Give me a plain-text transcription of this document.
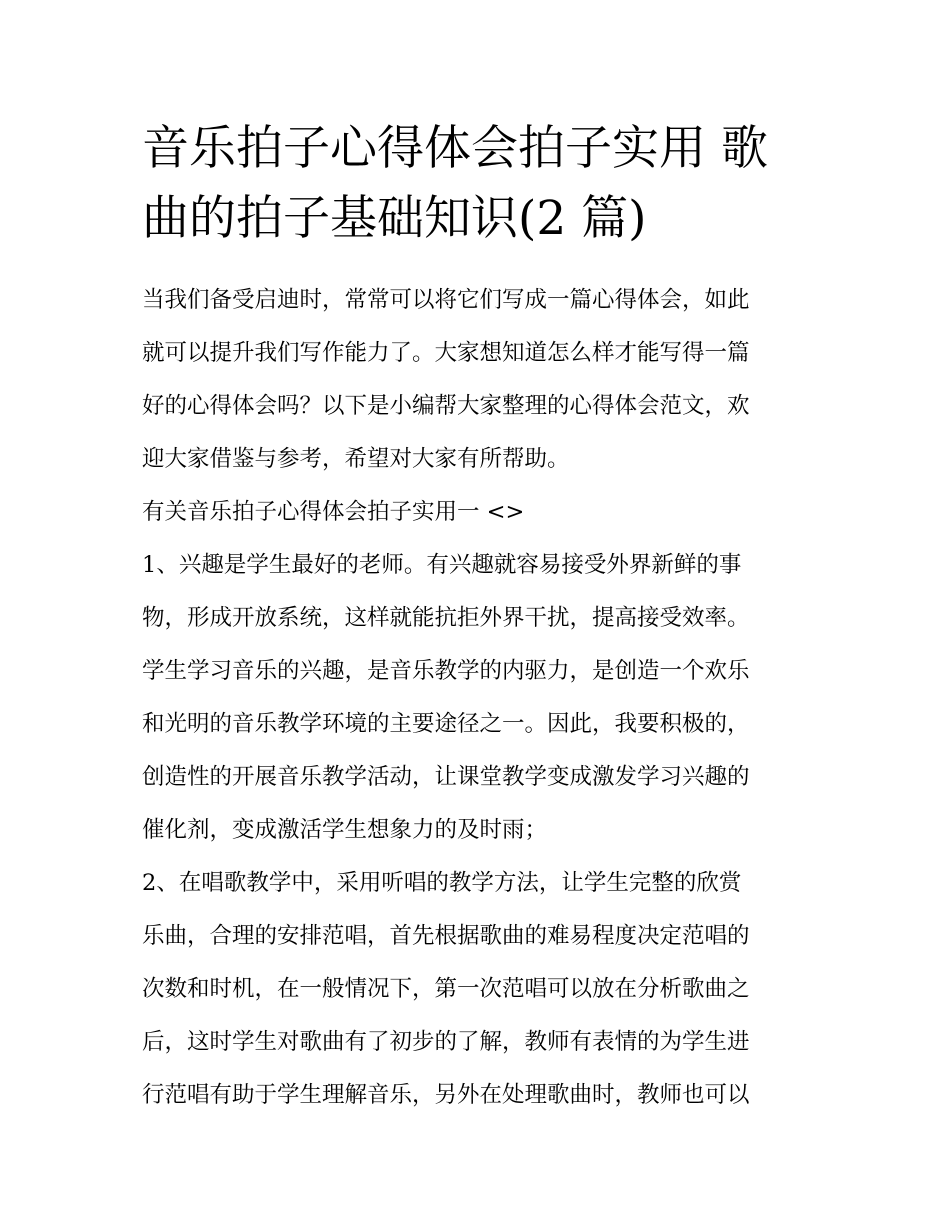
音乐拍子心得体会拍子实用 歌
曲的拍子基础知识(2 篇)

当我们备受启迪时，常常可以将它们写成一篇心得体会，如此
就可以提升我们写作能力了。大家想知道怎么样才能写得一篇
好的心得体会吗？以下是小编帮大家整理的心得体会范文，欢
迎大家借鉴与参考，希望对大家有所帮助。

有关音乐拍子心得体会拍子实用一 <>

1、兴趣是学生最好的老师。有兴趣就容易接受外界新鲜的事
物，形成开放系统，这样就能抗拒外界干扰，提高接受效率。
学生学习音乐的兴趣，是音乐教学的内驱力，是创造一个欢乐
和光明的音乐教学环境的主要途径之一。因此，我要积极的，
创造性的开展音乐教学活动，让课堂教学变成激发学习兴趣的
催化剂，变成激活学生想象力的及时雨；

2、在唱歌教学中，采用听唱的教学方法，让学生完整的欣赏
乐曲，合理的安排范唱，首先根据歌曲的难易程度决定范唱的
次数和时机，在一般情况下，第一次范唱可以放在分析歌曲之
后，这时学生对歌曲有了初步的了解，教师有表情的为学生进
行范唱有助于学生理解音乐，另外在处理歌曲时，教师也可以
